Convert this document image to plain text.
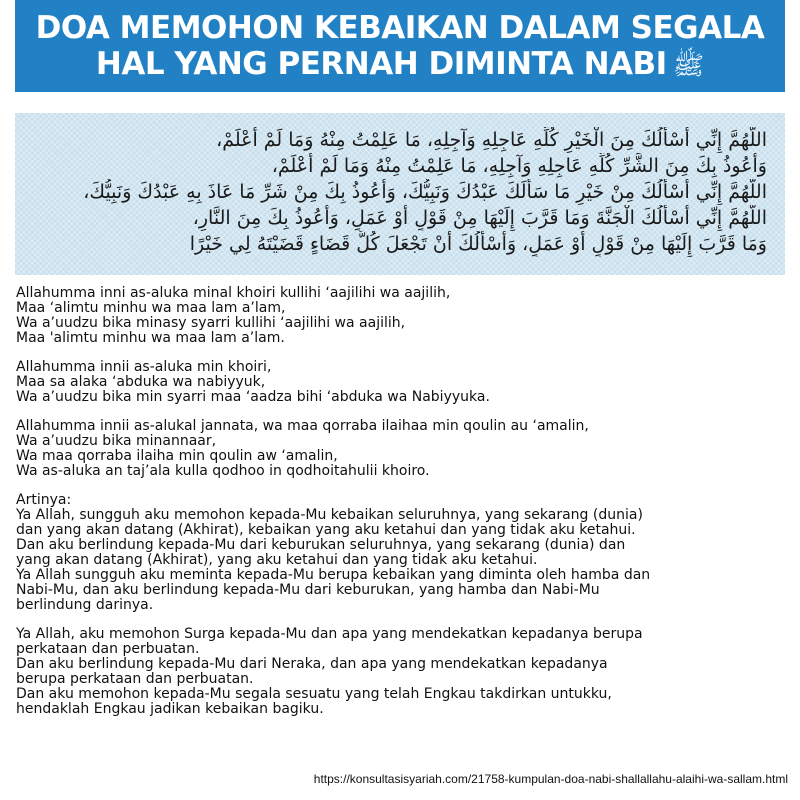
DOA MEMOHON KEBAIKAN DALAM SEGALA
HAL YANG PERNAH DIMINTA NABI ﷺ
اللَّهُمَّ إِنِّي أَسْأَلُكَ مِنَ الْخَيْرِ كُلِّهِ عَاجِلِهِ وَآجِلِهِ، مَا عَلِمْتُ مِنْهُ وَمَا لَمْ أَعْلَمْ،
وَأَعُوذُ بِكَ مِنَ الشَّرِّ كُلِّهِ عَاجِلِهِ وَآجِلِهِ، مَا عَلِمْتُ مِنْهُ وَمَا لَمْ أَعْلَمْ،
اللَّهُمَّ إِنِّي أَسْأَلُكَ مِنْ خَيْرِ مَا سَأَلَكَ عَبْدُكَ وَنَبِيُّكَ، وَأَعُوذُ بِكَ مِنْ شَرِّ مَا عَاذَ بِهِ عَبْدُكَ وَنَبِيُّكَ،
اللَّهُمَّ إِنِّي أَسْأَلُكَ الْجَنَّةَ وَمَا قَرَّبَ إِلَيْهَا مِنْ قَوْلٍ أَوْ عَمَلٍ، وَأَعُوذُ بِكَ مِنَ النَّارِ،
وَمَا قَرَّبَ إِلَيْهَا مِنْ قَوْلٍ أَوْ عَمَلٍ، وَأَسْأَلُكَ أَنْ تَجْعَلَ كُلَّ قَضَاءٍ قَضَيْتَهُ لِي خَيْرًا
Allahumma inni as-aluka minal khoiri kullihi ‘aajilihi wa aajilih,
Maa ‘alimtu minhu wa maa lam a’lam,
Wa a’uudzu bika minasy syarri kullihi ‘aajilihi wa aajilih,
Maa 'alimtu minhu wa maa lam a’lam.
Allahumma innii as-aluka min khoiri,
Maa sa alaka ‘abduka wa nabiyyuk,
Wa a’uudzu bika min syarri maa ‘aadza bihi ‘abduka wa Nabiyyuka.
Allahumma innii as-alukal jannata, wa maa qorraba ilaihaa min qoulin au ‘amalin,
Wa a’uudzu bika minannaar,
Wa maa qorraba ilaiha min qoulin aw ‘amalin,
Wa as-aluka an taj’ala kulla qodhoo in qodhoitahulii khoiro.
Artinya:
Ya Allah, sungguh aku memohon kepada-Mu kebaikan seluruhnya, yang sekarang (dunia)
dan yang akan datang (Akhirat), kebaikan yang aku ketahui dan yang tidak aku ketahui.
Dan aku berlindung kepada-Mu dari keburukan seluruhnya, yang sekarang (dunia) dan
yang akan datang (Akhirat), yang aku ketahui dan yang tidak aku ketahui.
Ya Allah sungguh aku meminta kepada-Mu berupa kebaikan yang diminta oleh hamba dan
Nabi-Mu, dan aku berlindung kepada-Mu dari keburukan, yang hamba dan Nabi-Mu
berlindung darinya.
Ya Allah, aku memohon Surga kepada-Mu dan apa yang mendekatkan kepadanya berupa
perkataan dan perbuatan.
Dan aku berlindung kepada-Mu dari Neraka, dan apa yang mendekatkan kepadanya
berupa perkataan dan perbuatan.
Dan aku memohon kepada-Mu segala sesuatu yang telah Engkau takdirkan untukku,
hendaklah Engkau jadikan kebaikan bagiku.
https://konsultasisyariah.com/21758-kumpulan-doa-nabi-shallallahu-alaihi-wa-sallam.html
